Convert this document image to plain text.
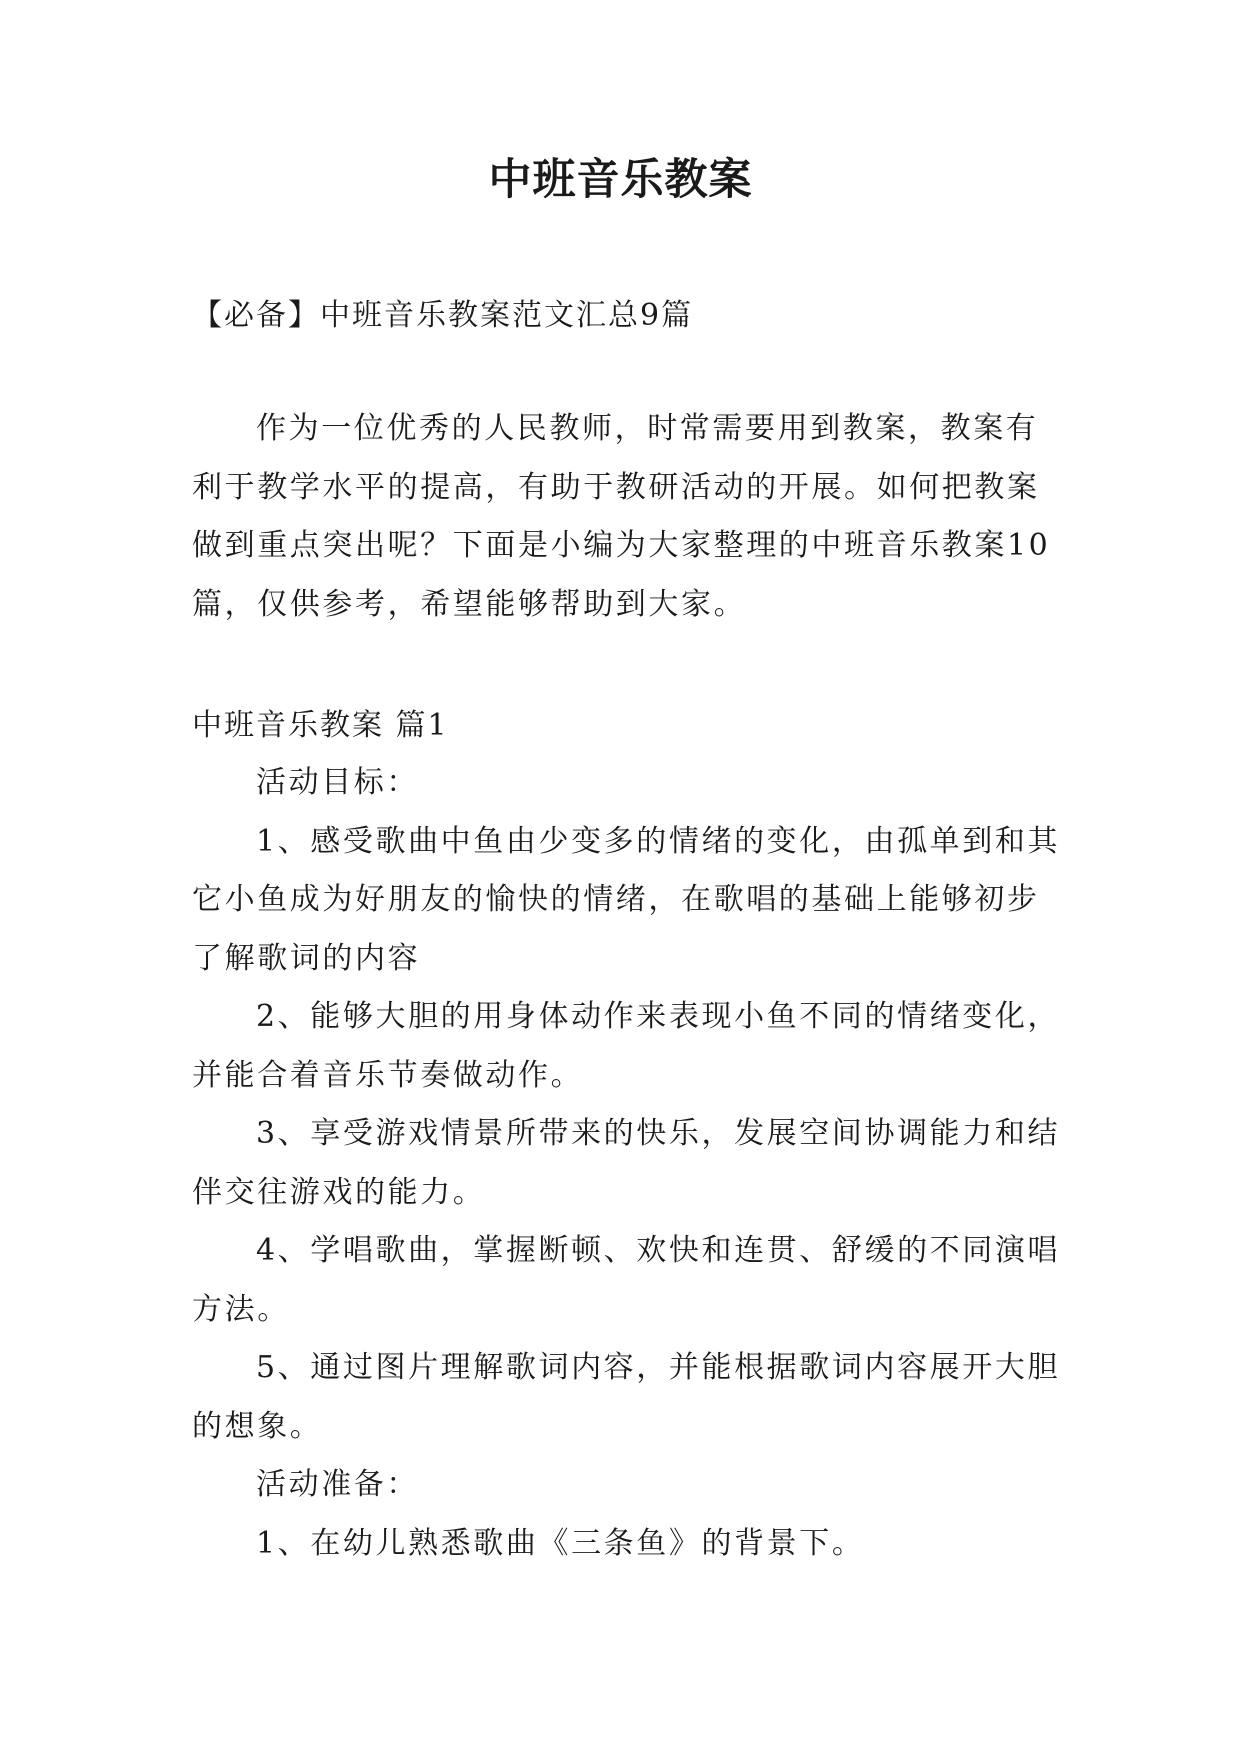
中班音乐教案
【必备】中班音乐教案范文汇总9篇

作为一位优秀的人民教师，时常需要用到教案，教案有利于教学水平的提高，有助于教研活动的开展。如何把教案做到重点突出呢？下面是小编为大家整理的中班音乐教案10篇，仅供参考，希望能够帮助到大家。

中班音乐教案 篇1

活动目标：

1、感受歌曲中鱼由少变多的情绪的变化，由孤单到和其它小鱼成为好朋友的愉快的情绪，在歌唱的基础上能够初步了解歌词的内容

2、能够大胆的用身体动作来表现小鱼不同的情绪变化，并能合着音乐节奏做动作。

3、享受游戏情景所带来的快乐，发展空间协调能力和结伴交往游戏的能力。

4、学唱歌曲，掌握断顿、欢快和连贯、舒缓的不同演唱方法。

5、通过图片理解歌词内容，并能根据歌词内容展开大胆的想象。

活动准备：

1、在幼儿熟悉歌曲《三条鱼》的背景下。
